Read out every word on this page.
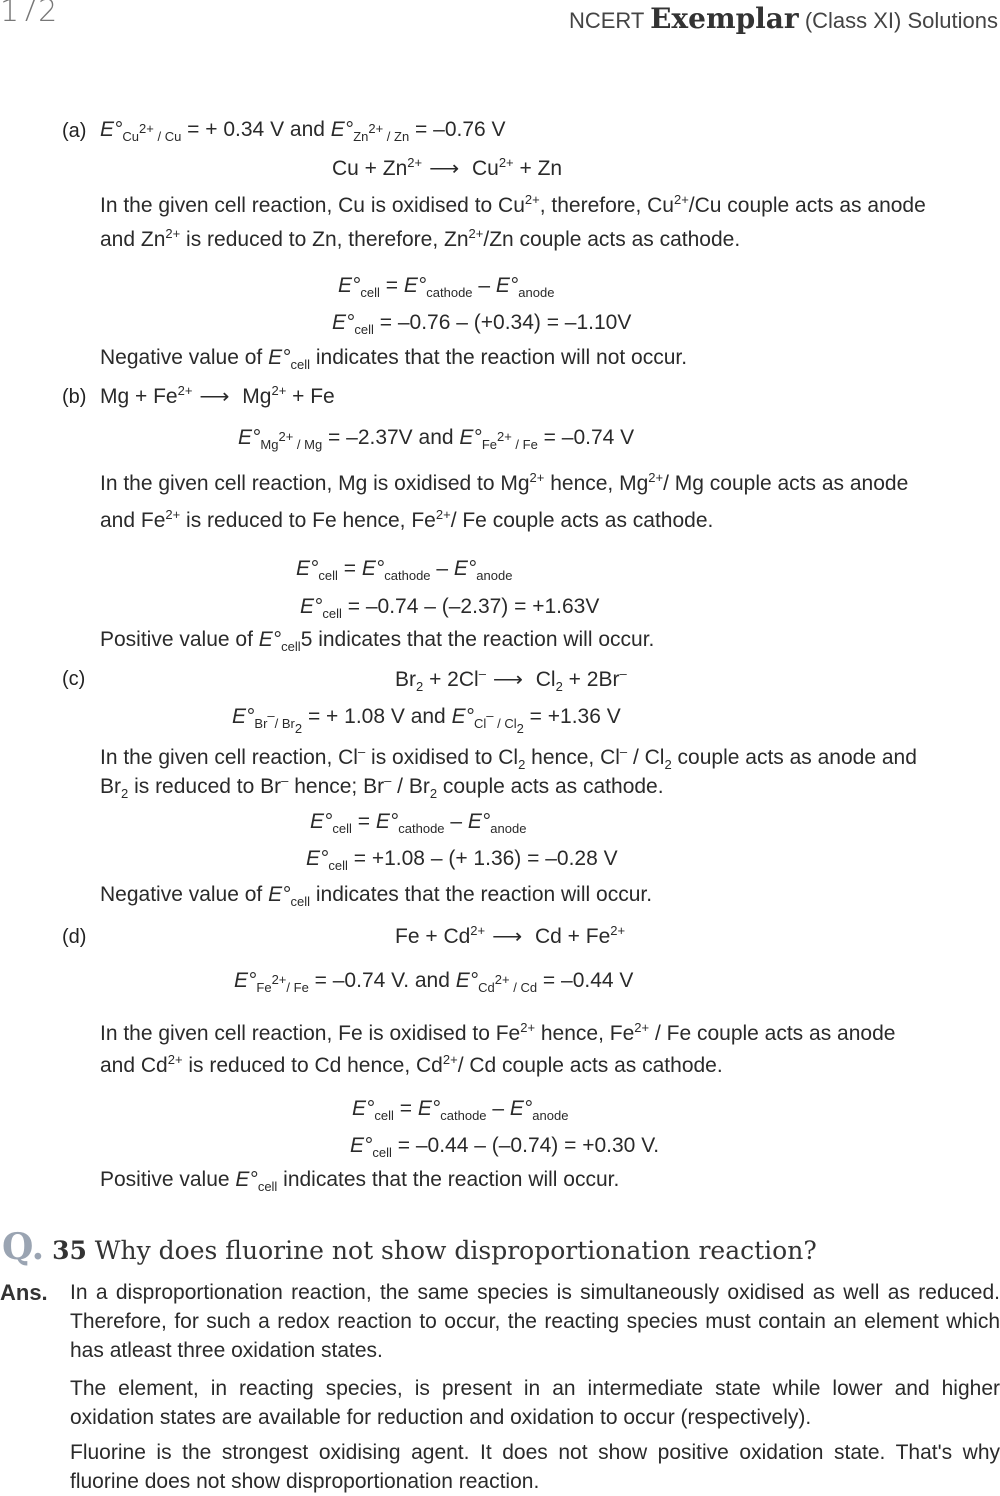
172	NCERT Exemplar (Class XI) Solutions
(a) $E^\circ_{Cu^{2+} / Cu}$ = + 0.34 V and $E^\circ_{Zn^{2+} / Zn} = -0.76$ V
$Cu + Zn^{2+}$ ⟶ $Cu^{2+} + Zn$
In the given cell reaction, Cu is oxidised to $Cu^{2+}$, therefore, $Cu^{2+}/Cu$ couple acts as anode
and $Zn^{2+}$ is reduced to Zn, therefore, $Zn^{2+}/Zn$ couple acts as cathode.
$E^\circ_{cell} = E^\circ_{cathode} - E^\circ_{anode}$
$E^\circ_{cell} = -0.76 - (+0.34) = -1.10V$
Negative value of $E^\circ_{cell}$ indicates that the reaction will not occur.
(b) $Mg + Fe^{2+}$ ⟶ $Mg^{2+} + Fe$
$E^\circ_{Mg^{2+} / Mg} = -2.37V$ and $E^\circ_{Fe^{2+} / Fe} = -0.74$ V
In the given cell reaction, Mg is oxidised to $Mg^{2+}$ hence, $Mg^{2+}/$ Mg couple acts as anode
and $Fe^{2+}$ is reduced to Fe hence, $Fe^{2+}/$ Fe couple acts as cathode.
$E^\circ_{cell} = E^\circ_{cathode} - E^\circ_{anode}$
$E^\circ_{cell} = -0.74 - (-2.37) = +1.63V$
Positive value of $E^\circ_{cell}5$ indicates that the reaction will occur.
(c)	$Br_2 + 2Cl^-$ ⟶ $Cl_2 + 2Br^-$
$E^\circ_{Br^-/ Br_2}$ = + 1.08 V and $E^\circ_{Cl^- / Cl_2} = +1.36$ V
In the given cell reaction, Cl– is oxidised to $Cl_2$ hence, $Cl^- / Cl_2$ couple acts as anode and
$Br_2$ is reduced to Br– hence; $Br^- / Br_2$ couple acts as cathode.
$E^\circ_{cell} = E^\circ_{cathode} - E^\circ_{anode}$
$E^\circ_{cell} = +1.08$ – (+ 1.36) = –0.28 V
Negative value of $E^\circ_{cell}$ indicates that the reaction will occur.
(d)	$Fe + Cd^{2+}$ ⟶ $Cd + Fe^{2+}$
$E^\circ_{Fe^{2+}/ Fe} = -0.74$ V. and $E^\circ_{Cd^{2+} / Cd} = -0.44$ V
In the given cell reaction, Fe is oxidised to $Fe^{2+}$ hence, $Fe^{2+}$ / Fe couple acts as anode
and $Cd^{2+}$ is reduced to Cd hence, $Cd^{2+}/$ Cd couple acts as cathode.
$E^\circ_{cell} = E^\circ_{cathode} - E^\circ_{anode}$
$E^\circ_{cell} = -0.44 - (-0.74) = +0.30$ V.
Positive value $E^\circ_{cell}$ indicates that the reaction will occur.
Q. 35 Why does fluorine not show disproportionation reaction?
Ans. In a disproportionation reaction, the same species is simultaneously oxidised as well as reduced. Therefore, for such a redox reaction to occur, the reacting species must contain an element which has atleast three oxidation states.
The element, in reacting species, is present in an intermediate state while lower and higher oxidation states are available for reduction and oxidation to occur (respectively).
Fluorine is the strongest oxidising agent. It does not show positive oxidation state. That's why fluorine does not show disproportionation reaction.
